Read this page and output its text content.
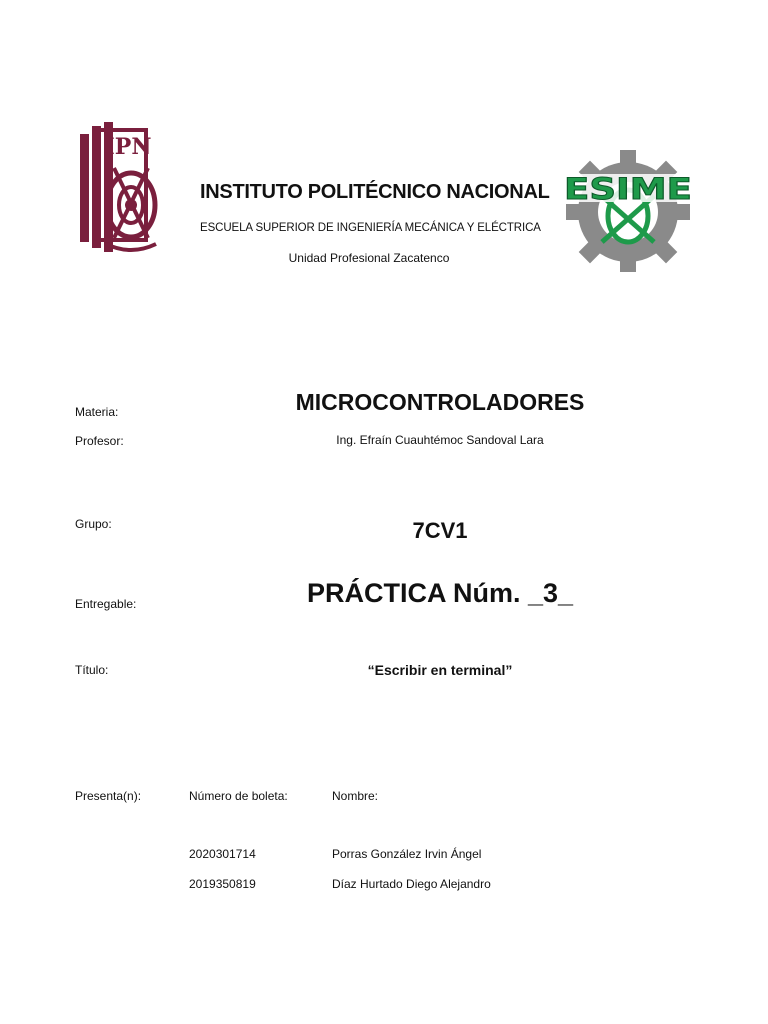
IPN
ESIME
INSTITUTO POLITÉCNICO NACIONAL
ESCUELA SUPERIOR DE INGENIERÍA MECÁNICA Y ELÉCTRICA
Unidad Profesional Zacatenco
Materia:	MICROCONTROLADORES
Profesor:	Ing. Efraín Cuauhtémoc Sandoval Lara
Grupo:	7CV1
Entregable:	PRÁCTICA Núm. _3_
Título:	“Escribir en terminal”
Presenta(n):	Número de boleta:	Nombre:
2020301714	Porras González Irvin Ángel
2019350819	Díaz Hurtado Diego Alejandro
